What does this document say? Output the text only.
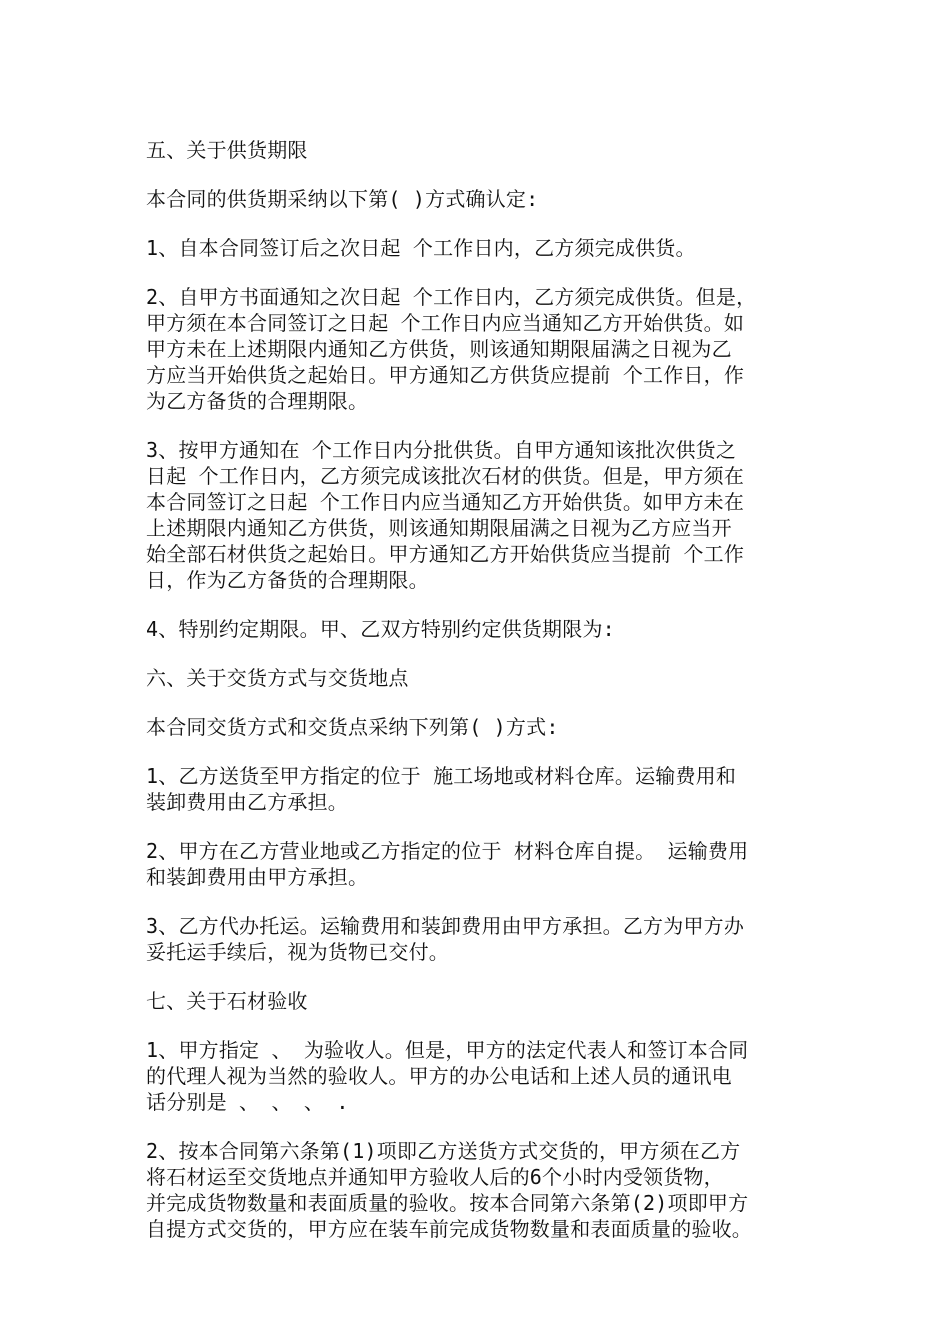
五、关于供货期限

本合同的供货期采纳以下第( )方式确认定:

1、自本合同签订后之次日起 个工作日内，乙方须完成供货。

2、自甲方书面通知之次日起 个工作日内，乙方须完成供货。但是，
甲方须在本合同签订之日起 个工作日内应当通知乙方开始供货。如
甲方未在上述期限内通知乙方供货，则该通知期限届满之日视为乙
方应当开始供货之起始日。甲方通知乙方供货应提前 个工作日，作
为乙方备货的合理期限。

3、按甲方通知在 个工作日内分批供货。自甲方通知该批次供货之
日起 个工作日内，乙方须完成该批次石材的供货。但是，甲方须在
本合同签订之日起 个工作日内应当通知乙方开始供货。如甲方未在
上述期限内通知乙方供货，则该通知期限届满之日视为乙方应当开
始全部石材供货之起始日。甲方通知乙方开始供货应当提前 个工作
日，作为乙方备货的合理期限。

4、特别约定期限。甲、乙双方特别约定供货期限为:

六、关于交货方式与交货地点

本合同交货方式和交货点采纳下列第( )方式:

1、乙方送货至甲方指定的位于 施工场地或材料仓库。运输费用和
装卸费用由乙方承担。

2、甲方在乙方营业地或乙方指定的位于 材料仓库自提。 运输费用
和装卸费用由甲方承担。

3、乙方代办托运。运输费用和装卸费用由甲方承担。乙方为甲方办
妥托运手续后，视为货物已交付。

七、关于石材验收

1、甲方指定 、 为验收人。但是，甲方的法定代表人和签订本合同
的代理人视为当然的验收人。甲方的办公电话和上述人员的通讯电
话分别是 、 、 、 .

2、按本合同第六条第(1)项即乙方送货方式交货的，甲方须在乙方
将石材运至交货地点并通知甲方验收人后的6个小时内受领货物，
并完成货物数量和表面质量的验收。按本合同第六条第(2)项即甲方
自提方式交货的，甲方应在装车前完成货物数量和表面质量的验收。
